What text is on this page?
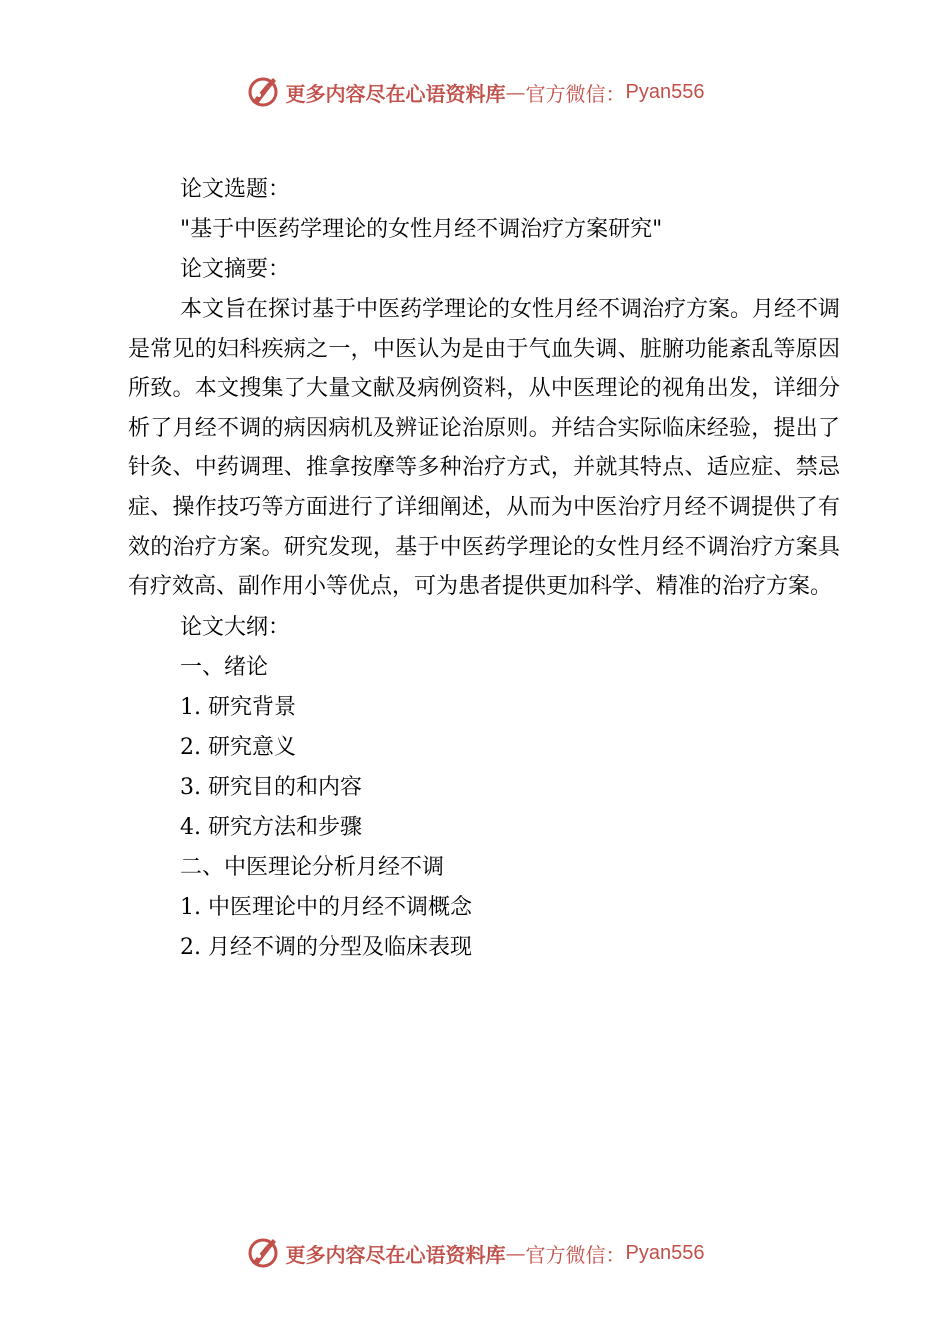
更多内容尽在心语资料库 — 官方微信： Pyan556

论文选题：

"基于中医药学理论的女性月经不调治疗方案研究"

论文摘要：

本文旨在探讨基于中医药学理论的女性月经不调治疗方案。月经不调是常见的妇科疾病之一，中医认为是由于气血失调、脏腑功能紊乱等原因所致。本文搜集了大量文献及病例资料，从中医理论的视角出发，详细分析了月经不调的病因病机及辨证论治原则。并结合实际临床经验，提出了针灸、中药调理、推拿按摩等多种治疗方式，并就其特点、适应症、禁忌症、操作技巧等方面进行了详细阐述，从而为中医治疗月经不调提供了有效的治疗方案。研究发现，基于中医药学理论的女性月经不调治疗方案具有疗效高、副作用小等优点，可为患者提供更加科学、精准的治疗方案。

论文大纲：

一、绪论

1. 研究背景

2. 研究意义

3. 研究目的和内容

4. 研究方法和步骤

二、中医理论分析月经不调

1. 中医理论中的月经不调概念

2. 月经不调的分型及临床表现

更多内容尽在心语资料库 — 官方微信： Pyan556
